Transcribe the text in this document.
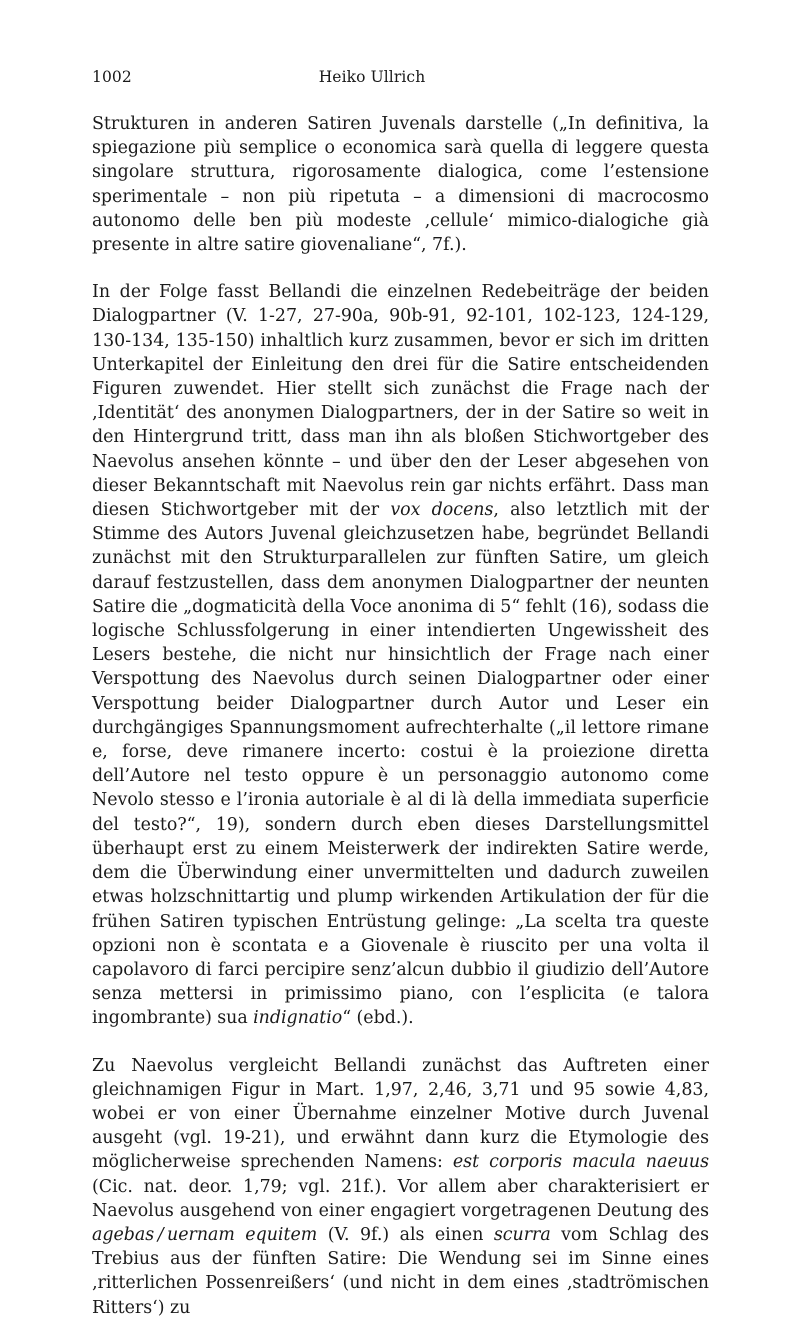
1002	Heiko Ullrich

Strukturen in anderen Satiren Juvenals darstelle („In definitiva, la spiegazione più semplice o economica sarà quella di leggere questa singolare struttura, rigorosamente dialogica, come l’estensione sperimentale – non più ripetuta – a dimensioni di macrocosmo autonomo delle ben più modeste ‚cellule‘ mimico-dialogiche già presente in altre satire giovenaliane“, 7f.).

In der Folge fasst Bellandi die einzelnen Redebeiträge der beiden Dialogpartner (V. 1-27, 27-90a, 90b-91, 92-101, 102-123, 124-129, 130-134, 135-150) inhaltlich kurz zusammen, bevor er sich im dritten Unterkapitel der Einleitung den drei für die Satire entscheidenden Figuren zuwendet. Hier stellt sich zunächst die Frage nach der ‚Identität‘ des anonymen Dialogpartners, der in der Satire so weit in den Hintergrund tritt, dass man ihn als bloßen Stichwortgeber des Naevolus ansehen könnte – und über den der Leser abgesehen von dieser Bekanntschaft mit Naevolus rein gar nichts erfährt. Dass man diesen Stichwortgeber mit der vox docens, also letztlich mit der Stimme des Autors Juvenal gleichzusetzen habe, begründet Bellandi zunächst mit den Strukturparallelen zur fünften Satire, um gleich darauf festzustellen, dass dem anonymen Dialogpartner der neunten Satire die „dogmaticità della Voce anonima di 5“ fehlt (16), sodass die logische Schlussfolgerung in einer intendierten Ungewissheit des Lesers bestehe, die nicht nur hinsichtlich der Frage nach einer Verspottung des Naevolus durch seinen Dialogpartner oder einer Verspottung beider Dialogpartner durch Autor und Leser ein durchgängiges Spannungsmoment aufrechterhalte („il lettore rimane e, forse, deve rimanere incerto: costui è la proiezione diretta dell’Autore nel testo oppure è un personaggio autonomo come Nevolo stesso e l’ironia autoriale è al di là della immediata superficie del testo?“, 19), sondern durch eben dieses Darstellungsmittel überhaupt erst zu einem Meisterwerk der indirekten Satire werde, dem die Überwindung einer unvermittelten und dadurch zuweilen etwas holzschnittartig und plump wirkenden Artikulation der für die frühen Satiren typischen Entrüstung gelinge: „La scelta tra queste opzioni non è scontata e a Giovenale è riuscito per una volta il capolavoro di farci percipire senz’alcun dubbio il giudizio dell’Autore senza mettersi in primissimo piano, con l’esplicita (e talora ingombrante) sua indignatio“ (ebd.).

Zu Naevolus vergleicht Bellandi zunächst das Auftreten einer gleichnamigen Figur in Mart. 1,97, 2,46, 3,71 und 95 sowie 4,83, wobei er von einer Übernahme einzelner Motive durch Juvenal ausgeht (vgl. 19-21), und erwähnt dann kurz die Etymologie des möglicherweise sprechenden Namens: est corporis macula naeuus (Cic. nat. deor. 1,79; vgl. 21f.). Vor allem aber charakterisiert er Naevolus ausgehend von einer engagiert vorgetragenen Deutung des agebas / uernam equitem (V. 9f.) als einen scurra vom Schlag des Trebius aus der fünften Satire: Die Wendung sei im Sinne eines ‚ritterlichen Possenreißers‘ (und nicht in dem eines ‚stadtrömischen Ritters‘) zu
